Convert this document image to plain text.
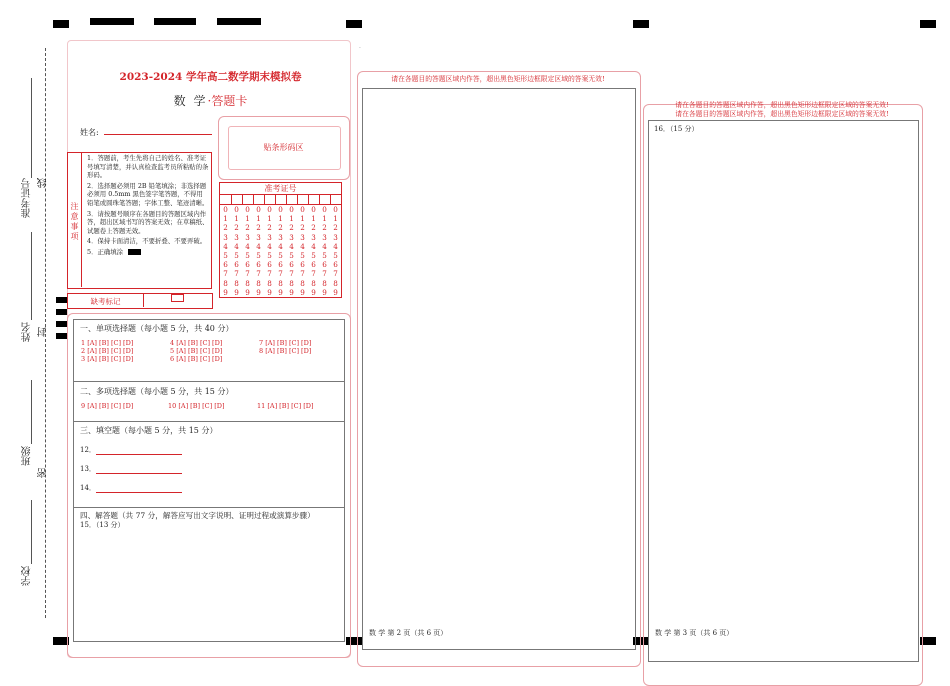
准考证号 线
姓名 封
班级
密
学校
2023-2024 学年高二数学期末模拟卷
数 学·答题卡
姓名:
贴条形码区
准考证号
0
1
2
3
4
5
6
7
8
9
0
1
2
3
4
5
6
7
8
9
0
1
2
3
4
5
6
7
8
9
0
1
2
3
4
5
6
7
8
9
0
1
2
3
4
5
6
7
8
9
0
1
2
3
4
5
6
7
8
9
0
1
2
3
4
5
6
7
8
9
0
1
2
3
4
5
6
7
8
9
0
1
2
3
4
5
6
7
8
9
0
1
2
3
4
5
6
7
8
9
0
1
2
3
4
5
6
7
8
9
注意事项
1．答题前，考生先将自己的姓名、准考证号填写清楚，并认真检查监考员所粘贴的条形码。
2．选择题必须用 2B 铅笔填涂；非选择题必须用 0.5mm 黑色签字笔答题，不得用铅笔或圆珠笔答题；字体工整、笔迹清晰。
3．请按题号顺序在各题目的答题区域内作答，超出区域书写的答案无效；在草稿纸、试题卷上答题无效。
4．保持卡面清洁，不要折叠、不要弄破。
5．正确填涂
缺考标记
一、单项选择题（每小题 5 分，共 40 分）
1 [A] [B] [C] [D]
2 [A] [B] [C] [D]
3 [A] [B] [C] [D]
4 [A] [B] [C] [D]
5 [A] [B] [C] [D]
6 [A] [B] [C] [D]
7 [A] [B] [C] [D]
8 [A] [B] [C] [D]
二、多项选择题（每小题 5 分，共 15 分）
9 [A] [B] [C] [D]	10 [A] [B] [C] [D]	11 [A] [B] [C] [D]
三、填空题（每小题 5 分，共 15 分）
12．
13．
14．
四、解答题（共 77 分，解答应写出文字说明、证明过程或演算步骤）
15．（13 分）
·
请在各题目的答题区域内作答，超出黑色矩形边框限定区域的答案无效!
数 学 第 2 页（共 6 页）
请在各题目的答题区域内作答，超出黑色矩形边框限定区域的答案无效!
请在各题目的答题区域内作答，超出黑色矩形边框限定区域的答案无效!
16．（15 分）
数 学 第 3 页（共 6 页）
